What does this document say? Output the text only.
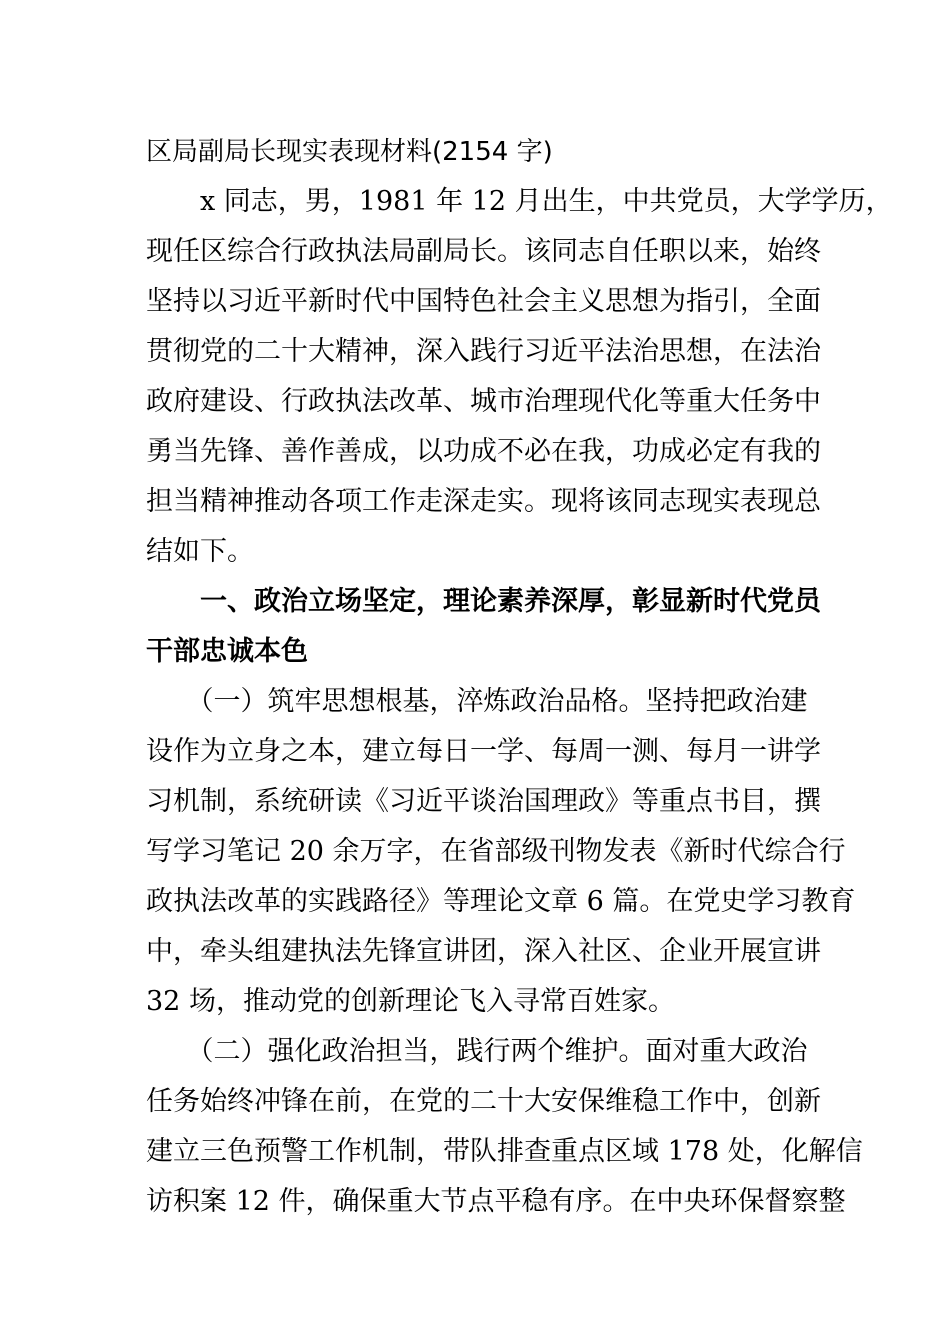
区局副局长现实表现材料(2154 字)
　　x 同志，男，1981 年 12 月出生，中共党员，大学学历，
现任区综合行政执法局副局长。该同志自任职以来，始终
坚持以习近平新时代中国特色社会主义思想为指引，全面
贯彻党的二十大精神，深入践行习近平法治思想，在法治
政府建设、行政执法改革、城市治理现代化等重大任务中
勇当先锋、善作善成，以功成不必在我，功成必定有我的
担当精神推动各项工作走深走实。现将该同志现实表现总
结如下。
　　一、政治立场坚定，理论素养深厚，彰显新时代党员
干部忠诚本色
　　（一）筑牢思想根基，淬炼政治品格。坚持把政治建
设作为立身之本，建立每日一学、每周一测、每月一讲学
习机制，系统研读《习近平谈治国理政》等重点书目，撰
写学习笔记 20 余万字，在省部级刊物发表《新时代综合行
政执法改革的实践路径》等理论文章 6 篇。在党史学习教育
中，牵头组建执法先锋宣讲团，深入社区、企业开展宣讲
32 场，推动党的创新理论飞入寻常百姓家。
　　（二）强化政治担当，践行两个维护。面对重大政治
任务始终冲锋在前，在党的二十大安保维稳工作中，创新
建立三色预警工作机制，带队排查重点区域 178 处，化解信
访积案 12 件，确保重大节点平稳有序。在中央环保督察整
